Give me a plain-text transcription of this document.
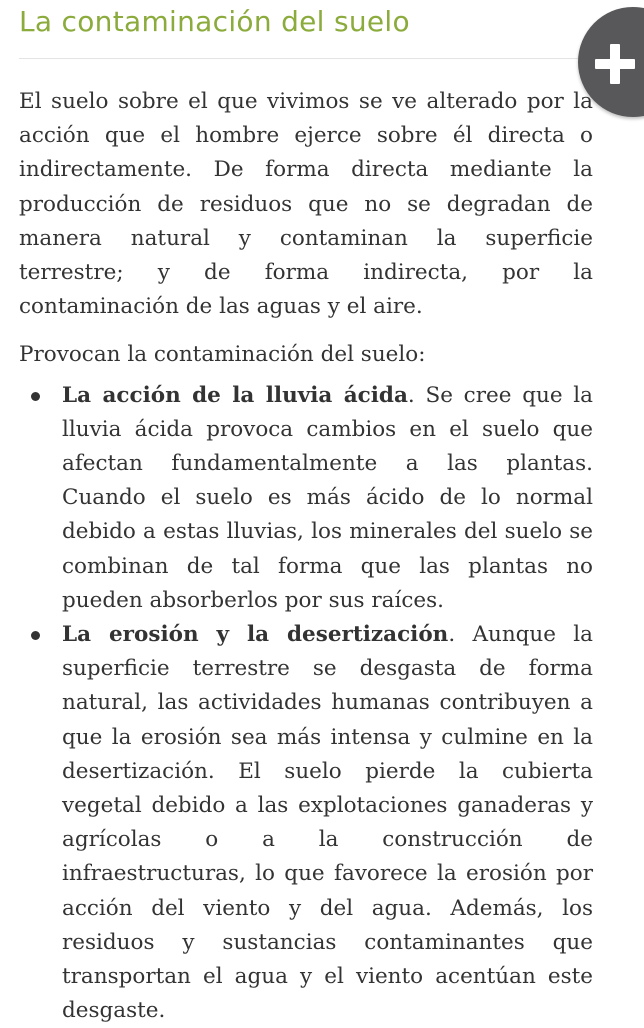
La contaminación del suelo

El suelo sobre el que vivimos se ve alterado por la acción que el hombre ejerce sobre él directa o indirectamente. De forma directa mediante la producción de residuos que no se degradan de manera natural y contaminan la superficie terrestre; y de forma indirecta, por la contaminación de las aguas y el aire.

Provocan la contaminación del suelo:

La acción de la lluvia ácida. Se cree que la lluvia ácida provoca cambios en el suelo que afectan fundamentalmente a las plantas. Cuando el suelo es más ácido de lo normal debido a estas lluvias, los minerales del suelo se combinan de tal forma que las plantas no pueden absorberlos por sus raíces.
La erosión y la desertización. Aunque la superficie terrestre se desgasta de forma natural, las actividades humanas contribuyen a que la erosión sea más intensa y culmine en la desertización. El suelo pierde la cubierta vegetal debido a las explotaciones ganaderas y agrícolas o a la construcción de infraestructuras, lo que favorece la erosión por acción del viento y del agua. Además, los residuos y sustancias contaminantes que transportan el agua y el viento acentúan este desgaste.
